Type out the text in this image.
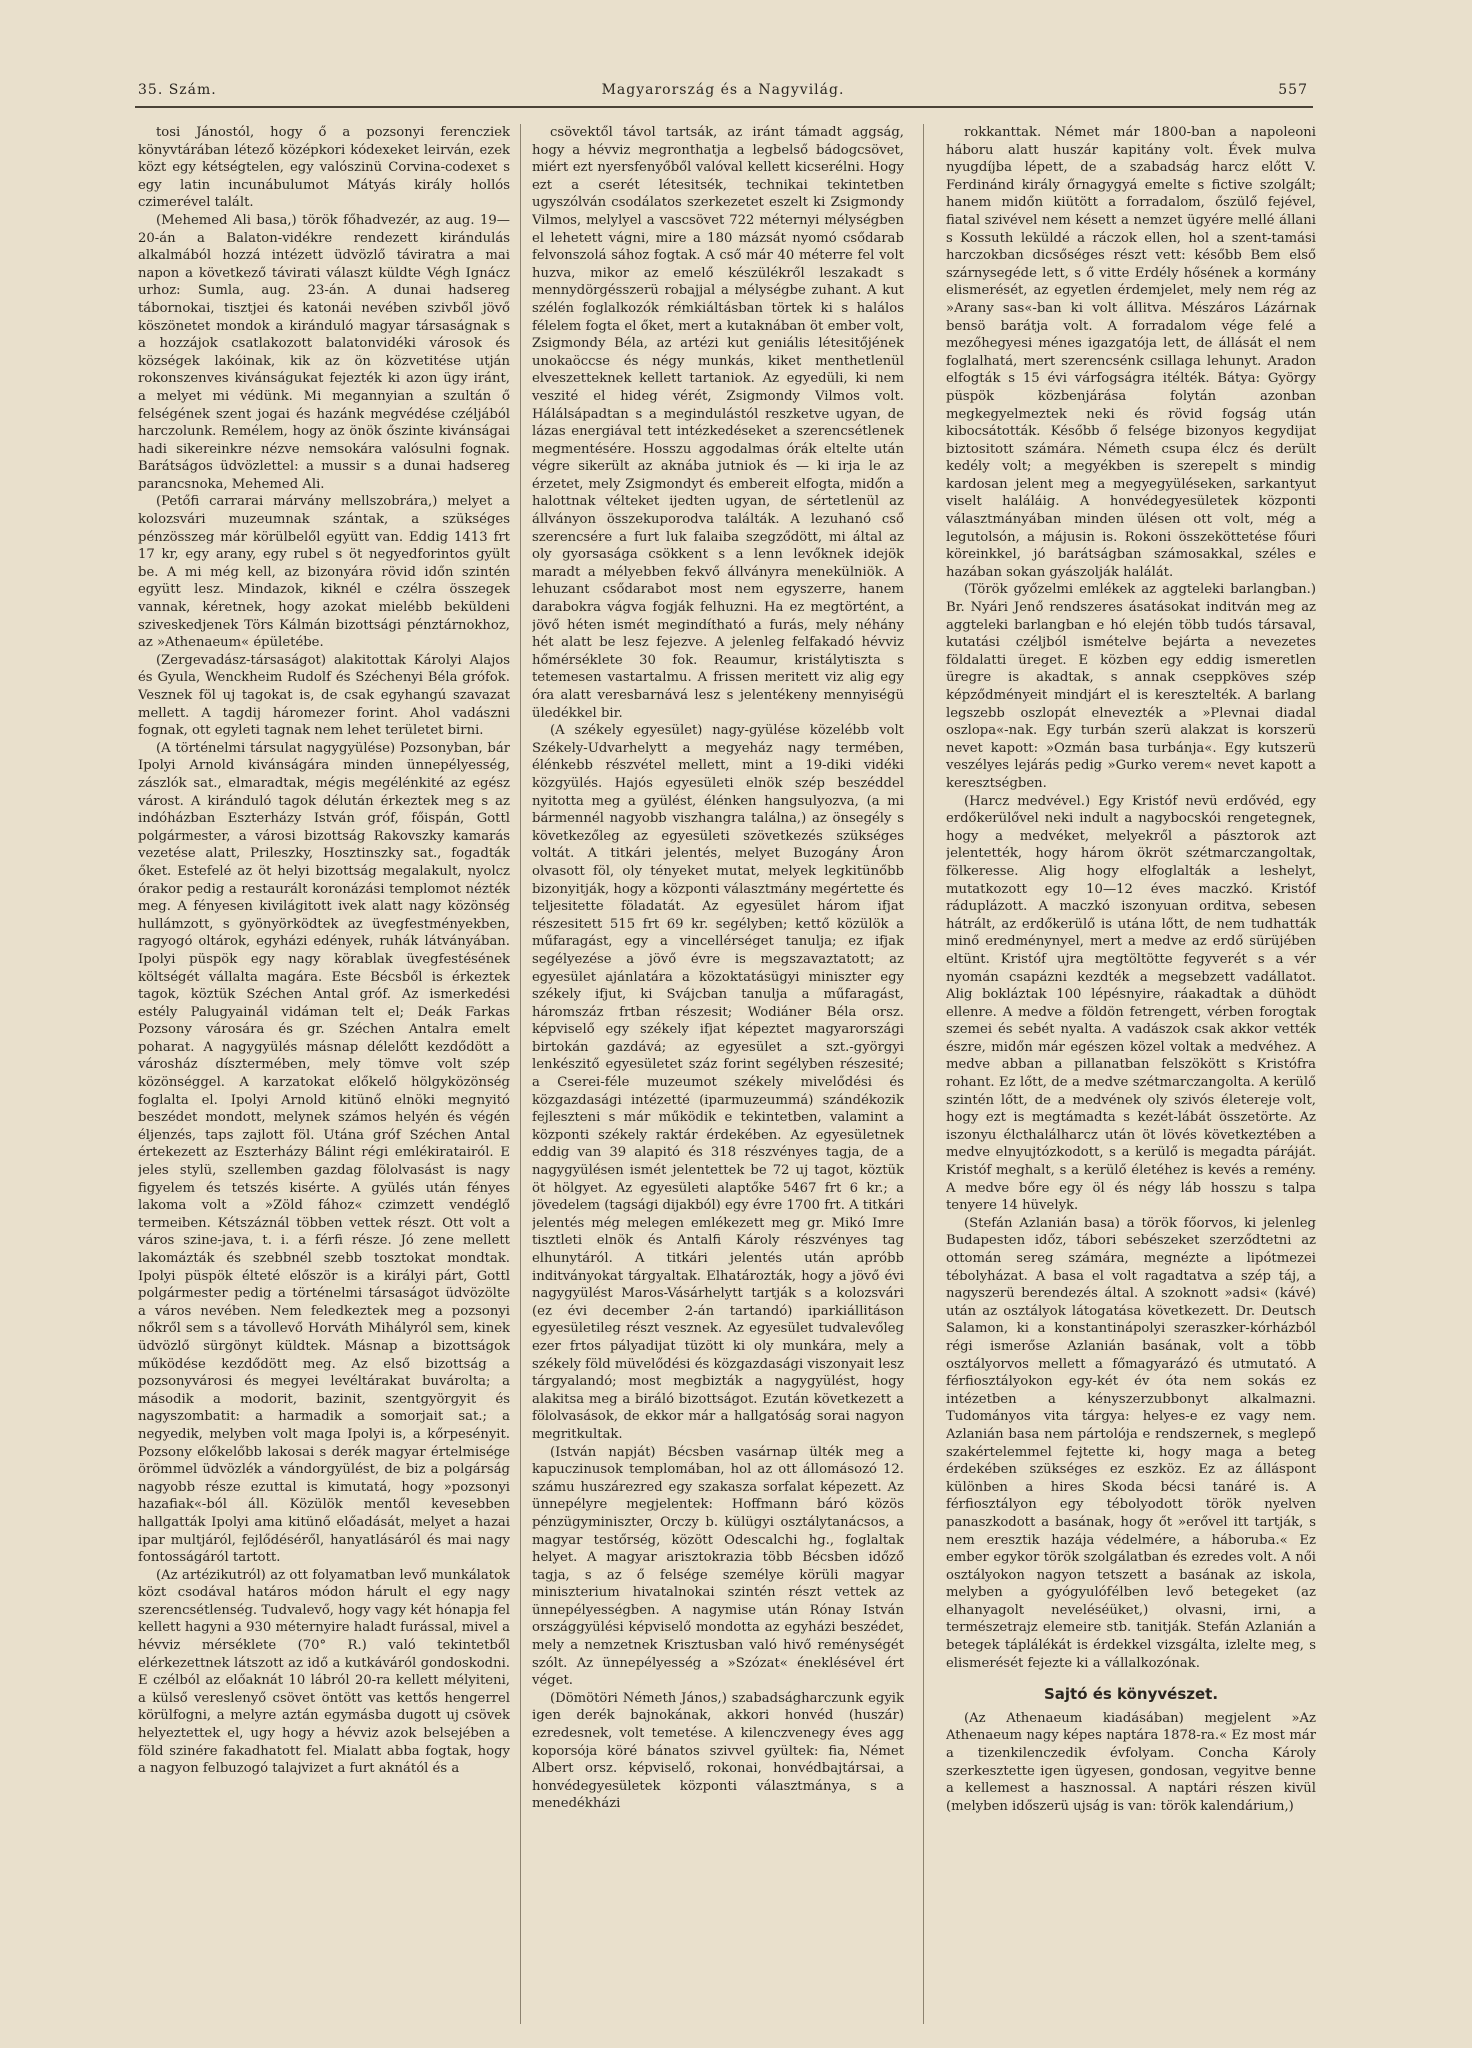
35. Szám.	Magyarország és a Nagyvilág.	557

tosi Jánostól, hogy ő a pozsonyi ferencziek könyvtárában létező középkori kódexeket leirván, ezek közt egy kétségtelen, egy valószinü Corvina-codexet s egy latin incunábulumot Mátyás király hollós czimerével talált.

(Mehemed Ali basa,) török főhadvezér, az aug. 19—20-án a Balaton-vidékre rendezett kirándulás alkalmából hozzá intézett üdvözlő táviratra a mai napon a következő távirati választ küldte Végh Ignácz urhoz: Sumla, aug. 23-án. A dunai hadsereg tábornokai, tisztjei és katonái nevében szivből jövő köszönetet mondok a kiránduló magyar társaságnak s a hozzájok csatlakozott balatonvidéki városok és községek lakóinak, kik az ön közvetitése utján rokonszenves kivánságukat fejezték ki azon ügy iránt, a melyet mi védünk. Mi megannyian a szultán ő felségének szent jogai és hazánk megvédése czéljából harczolunk. Remélem, hogy az önök őszinte kivánságai hadi sikereinkre nézve nemsokára valósulni fognak. Barátságos üdvözlettel: a mussir s a dunai hadsereg parancsnoka, Mehemed Ali.

(Petőfi carrarai márvány mellszobrára,) melyet a kolozsvári muzeumnak szántak, a szükséges pénzösszeg már körülbelől együtt van. Eddig 1413 frt 17 kr, egy arany, egy rubel s öt negyedforintos gyült be. A mi még kell, az bizonyára rövid időn szintén együtt lesz. Mindazok, kiknél e czélra összegek vannak, kéretnek, hogy azokat mielébb beküldeni sziveskedjenek Törs Kálmán bizottsági pénztárnokhoz, az »Athenaeum« épületébe.

(Zergevadász-társaságot) alakitottak Károlyi Alajos és Gyula, Wenckheim Rudolf és Széchenyi Béla grófok. Vesznek föl uj tagokat is, de csak egyhangú szavazat mellett. A tagdij háromezer forint. Ahol vadászni fognak, ott egyleti tagnak nem lehet területet birni.

(A történelmi társulat nagygyülése) Pozsonyban, bár Ipolyi Arnold kivánságára minden ünnepélyesség, zászlók sat., elmaradtak, mégis megélénkité az egész várost. A kiránduló tagok délután érkeztek meg s az indóházban Eszterházy István gróf, főispán, Gottl polgármester, a városi bizottság Rakovszky kamarás vezetése alatt, Prileszky, Hosztinszky sat., fogadták őket. Estefelé az öt helyi bizottság megalakult, nyolcz órakor pedig a restaurált koronázási templomot nézték meg. A fényesen kivilágitott ivek alatt nagy közönség hullámzott, s gyönyörködtek az üvegfestményekben, ragyogó oltárok, egyházi edények, ruhák látványában. Ipolyi püspök egy nagy körablak üvegfestésének költségét vállalta magára. Este Bécsből is érkeztek tagok, köztük Széchen Antal gróf. Az ismerkedési estély Palugyainál vidáman telt el; Deák Farkas Pozsony városára és gr. Széchen Antalra emelt poharat. A nagygyülés másnap délelőtt kezdődött a városház dísztermében, mely tömve volt szép közönséggel. A karzatokat előkelő hölgyközönség foglalta el. Ipolyi Arnold kitünő elnöki megnyitó beszédet mondott, melynek számos helyén és végén éljenzés, taps zajlott föl. Utána gróf Széchen Antal értekezett az Eszterházy Bálint régi emlékiratairól. E jeles stylü, szellemben gazdag fölolvasást is nagy figyelem és tetszés kisérte. A gyülés után fényes lakoma volt a »Zöld fához« czimzett vendéglő termeiben. Kétszáznál többen vettek részt. Ott volt a város szine-java, t. i. a férfi része. Jó zene mellett lakomázták és szebbnél szebb tosztokat mondtak. Ipolyi püspök élteté először is a királyi párt, Gottl polgármester pedig a történelmi társaságot üdvözölte a város nevében. Nem feledkeztek meg a pozsonyi nőkről sem s a távollevő Horváth Mihályról sem, kinek üdvözlő sürgönyt küldtek. Másnap a bizottságok működése kezdődött meg. Az első bizottság a pozsonyvárosi és megyei levéltárakat buvárolta; a második a modorit, bazinit, szentgyörgyit és nagyszombatit: a harmadik a somorjait sat.; a negyedik, melyben volt maga Ipolyi is, a kőrpesényit. Pozsony előkelőbb lakosai s derék magyar értelmisége örömmel üdvözlék a vándorgyülést, de biz a polgárság nagyobb része ezuttal is kimutatá, hogy »pozsonyi hazafiak«-ból áll. Közülök mentől kevesebben hallgatták Ipolyi ama kitünő előadását, melyet a hazai ipar multjáról, fejlődéséről, hanyatlásáról és mai nagy fontosságáról tartott.

(Az artézikutról) az ott folyamatban levő munkálatok közt csodával határos módon hárult el egy nagy szerencsétlenség. Tudvalevő, hogy vagy két hónapja fel kellett hagyni a 930 méternyire haladt furással, mivel a hévviz mérséklete (70° R.) való tekintetből elérkezettnek látszott az idő a kutkáváról gondoskodni. E czélból az előaknát 10 lábról 20-ra kellett mélyiteni, a külső vereslenyő csövet öntött vas kettős hengerrel körülfogni, a melyre aztán egymásba dugott uj csövek helyeztettek el, ugy hogy a hévviz azok belsejében a föld szinére fakadhatott fel. Mialatt abba fogtak, hogy a nagyon felbuzogó talajvizet a furt aknától és a

csövektől távol tartsák, az iránt támadt aggság, hogy a hévviz megronthatja a legbelső bádogcsövet, miért ezt nyersfenyőből valóval kellett kicserélni. Hogy ezt a cserét létesitsék, technikai tekintetben ugyszólván csodálatos szerkezetet eszelt ki Zsigmondy Vilmos, melylyel a vascsövet 722 méternyi mélységben el lehetett vágni, mire a 180 mázsát nyomó csődarab felvonszolá sához fogtak. A cső már 40 méterre fel volt huzva, mikor az emelő készülékről leszakadt s mennydörgésszerü robajjal a mélységbe zuhant. A kut szélén foglalkozók rémkiáltásban törtek ki s halálos félelem fogta el őket, mert a kutaknában öt ember volt, Zsigmondy Béla, az artézi kut geniális létesitőjének unokaöccse és négy munkás, kiket menthetlenül elveszetteknek kellett tartaniok. Az egyedüli, ki nem veszité el hideg vérét, Zsigmondy Vilmos volt. Hálálsápadtan s a megindulástól reszketve ugyan, de lázas energiával tett intézkedéseket a szerencsétlenek megmentésére. Hosszu aggodalmas órák eltelte után végre sikerült az aknába jutniok és — ki irja le az érzetet, mely Zsigmondyt és embereit elfogta, midőn a halottnak vélteket ijedten ugyan, de sértetlenül az állványon összekuporodva találták. A lezuhanó cső szerencsére a furt luk falaiba szegződött, mi által az oly gyorsasága csökkent s a lenn levőknek idejök maradt a mélyebben fekvő állványra menekülniök. A lehuzant csődarabot most nem egyszerre, hanem darabokra vágva fogják felhuzni. Ha ez megtörtént, a jövő héten ismét megindítható a furás, mely néhány hét alatt be lesz fejezve. A jelenleg felfakadó hévviz hőmérséklete 30 fok. Reaumur, kristálytiszta s tetemesen vastartalmu. A frissen meritett viz alig egy óra alatt veresbarnává lesz s jelentékeny mennyiségü üledékkel bir.

(A székely egyesület) nagy-gyülése közelébb volt Székely-Udvarhelytt a megyeház nagy termében, élénkebb részvétel mellett, mint a 19-diki vidéki közgyülés. Hajós egyesületi elnök szép beszéddel nyitotta meg a gyülést, élénken hangsulyozva, (a mi bármennél nagyobb viszhangra találna,) az önsegély s következőleg az egyesületi szövetkezés szükséges voltát. A titkári jelentés, melyet Buzogány Áron olvasott föl, oly tényeket mutat, melyek legkitünőbb bizonyitják, hogy a központi választmány megértette és teljesitette föladatát. Az egyesület három ifjat részesitett 515 frt 69 kr. segélyben; kettő közülök a műfaragást, egy a vincellérséget tanulja; ez ifjak segélyezése a jövő évre is megszavaztatott; az egyesület ajánlatára a közoktatásügyi miniszter egy székely ifjut, ki Svájcban tanulja a műfaragást, háromszáz frtban részesit; Wodiáner Béla orsz. képviselő egy székely ifjat képeztet magyarországi birtokán gazdává; az egyesület a szt.-györgyi lenkészitő egyesületet száz forint segélyben részesité; a Cserei-féle muzeumot székely mivelődési és közgazdasági intézetté (iparmuzeummá) szándékozik fejleszteni s már működik e tekintetben, valamint a központi székely raktár érdekében. Az egyesületnek eddig van 39 alapitó és 318 részvényes tagja, de a nagygyülésen ismét jelentettek be 72 uj tagot, köztük öt hölgyet. Az egyesületi alaptőke 5467 frt 6 kr.; a jövedelem (tagsági dijakból) egy évre 1700 frt. A titkári jelentés még melegen emlékezett meg gr. Mikó Imre tisztleti elnök és Antalfi Károly részvényes tag elhunytáról. A titkári jelentés után apróbb inditványokat tárgyaltak. Elhatározták, hogy a jövő évi nagygyülést Maros-Vásárhelytt tartják s a kolozsvári (ez évi december 2-án tartandó) iparkiállitáson egyesületileg részt vesznek. Az egyesület tudvalevőleg ezer frtos pályadijat tüzött ki oly munkára, mely a székely föld müvelődési és közgazdasági viszonyait lesz tárgyalandó; most megbizták a nagygyülést, hogy alakitsa meg a biráló bizottságot. Ezután következett a fölolvasások, de ekkor már a hallgatóság sorai nagyon megritkultak.

(István napját) Bécsben vasárnap ülték meg a kapuczinusok templomában, hol az ott állomásozó 12. számu huszárezred egy szakasza sorfalat képezett. Az ünnepélyre megjelentek: Hoffmann báró közös pénzügyminiszter, Orczy b. külügyi osztálytanácsos, a magyar testőrség, között Odescalchi hg., foglaltak helyet. A magyar arisztokrazia több Bécsben időző tagja, s az ő felsége személye körüli magyar miniszterium hivatalnokai szintén részt vettek az ünnepélyességben. A nagymise után Rónay István országgyülési képviselő mondotta az egyházi beszédet, mely a nemzetnek Krisztusban való hivő reménységét szólt. Az ünnepélyesség a »Szózat« éneklésével ért véget.

(Dömötöri Németh János,) szabadságharczunk egyik igen derék bajnokának, akkori honvéd (huszár) ezredesnek, volt temetése. A kilenczvenegy éves agg koporsója köré bánatos szivvel gyültek: fia, Német Albert orsz. képviselő, rokonai, honvédbajtársai, a honvédegyesületek központi választmánya, s a menedékházi

rokkanttak. Német már 1800-ban a napoleoni háboru alatt huszár kapitány volt. Évek mulva nyugdíjba lépett, de a szabadság harcz előtt V. Ferdinánd király őrnagygyá emelte s fictive szolgált; hanem midőn kiütött a forradalom, őszülő fejével, fiatal szivével nem késett a nemzet ügyére mellé állani s Kossuth leküldé a ráczok ellen, hol a szent-tamási harczokban dicsőséges részt vett: később Bem első szárnysegéde lett, s ő vitte Erdély hősének a kormány elismerését, az egyetlen érdemjelet, mely nem rég az »Arany sas«-ban ki volt állitva. Mészáros Lázárnak bensö barátja volt. A forradalom vége felé a mezőhegyesi ménes igazgatója lett, de állását el nem foglalhatá, mert szerencsénk csillaga lehunyt. Aradon elfogták s 15 évi várfogságra itélték. Bátya: György püspök közbenjárása folytán azonban megkegyelmeztek neki és rövid fogság után kibocsátották. Később ő felsége bizonyos kegydijat biztositott számára. Németh csupa élcz és derült kedély volt; a megyékben is szerepelt s mindig kardosan jelent meg a megyegyüléseken, sarkantyut viselt haláláig. A honvédegyesületek központi választmányában minden ülésen ott volt, még a legutolsón, a májusin is. Rokoni összeköttetése főuri köreinkkel, jó barátságban számosakkal, széles e hazában sokan gyászolják halálát.

(Török győzelmi emlékek az aggteleki barlangban.) Br. Nyári Jenő rendszeres ásatásokat inditván meg az aggteleki barlangban e hó elején több tudós társaval, kutatási czéljból ismételve bejárta a nevezetes földalatti üreget. E közben egy eddig ismeretlen üregre is akadtak, s annak cseppköves szép képződményeit mindjárt el is keresztelték. A barlang legszebb oszlopát elnevezték a »Plevnai diadal oszlopa«-nak. Egy turbán szerü alakzat is korszerü nevet kapott: »Ozmán basa turbánja«. Egy kutszerü veszélyes lejárás pedig »Gurko verem« nevet kapott a keresztségben.

(Harcz medvével.) Egy Kristóf nevü erdővéd, egy erdőkerülővel neki indult a nagybocskói rengetegnek, hogy a medvéket, melyekről a pásztorok azt jelentették, hogy három ökröt szétmarczangoltak, fölkeresse. Alig hogy elfoglalták a leshelyt, mutatkozott egy 10—12 éves maczkó. Kristóf ráduplázott. A maczkó iszonyuan orditva, sebesen hátrált, az erdőkerülő is utána lőtt, de nem tudhatták minő eredménynyel, mert a medve az erdő sürüjében eltünt. Kristóf ujra megtöltötte fegyverét s a vér nyomán csapázni kezdték a megsebzett vadállatot. Alig bokláztak 100 lépésnyire, ráakadtak a dühödt ellenre. A medve a földön fetrengett, vérben forogtak szemei és sebét nyalta. A vadászok csak akkor vették észre, midőn már egészen közel voltak a medvéhez. A medve abban a pillanatban felszökött s Kristófra rohant. Ez lőtt, de a medve szétmarczangolta. A kerülő szintén lőtt, de a medvének oly szivós életereje volt, hogy ezt is megtámadta s kezét-lábát összetörte. Az iszonyu élcthalálharcz után öt lövés következtében a medve elnyujtózkodott, s a kerülő is megadta páráját. Kristóf meghalt, s a kerülő életéhez is kevés a remény. A medve bőre egy öl és négy láb hosszu s talpa tenyere 14 hüvelyk.

(Stefán Azlanián basa) a török főorvos, ki jelenleg Budapesten időz, tábori sebészeket szerződtetni az ottomán sereg számára, megnézte a lipótmezei tébolyházat. A basa el volt ragadtatva a szép táj, a nagyszerü berendezés által. A szoknott »adsi« (kávé) után az osztályok látogatása következett. Dr. Deutsch Salamon, ki a konstantinápolyi szeraszker-kórházból régi ismerőse Azlanián basának, volt a több osztályorvos mellett a főmagyarázó és utmutató. A férfiosztályokon egy-két év óta nem sokás ez intézetben a kényszerzubbonyt alkalmazni. Tudományos vita tárgya: helyes-e ez vagy nem. Azlanián basa nem pártolója e rendszernek, s meglepő szakértelemmel fejtette ki, hogy maga a beteg érdekében szükséges ez eszköz. Ez az álláspont különben a hires Skoda bécsi tanáré is. A férfiosztályon egy tébolyodott török nyelven panaszkodott a basának, hogy őt »erővel itt tartják, s nem eresztik hazája védelmére, a háboruba.« Ez ember egykor török szolgálatban és ezredes volt. A női osztályokon nagyon tetszett a basának az iskola, melyben a gyógyulófélben levő betegeket (az elhanyagolt neveléséüket,) olvasni, irni, a természetrajz elemeire stb. tanitják. Stefán Azlanián a betegek táplálékát is érdekkel vizsgálta, izlelte meg, s elismerését fejezte ki a vállalkozónak.

Sajtó és könyvészet.

(Az Athenaeum kiadásában) megjelent »Az Athenaeum nagy képes naptára 1878-ra.« Ez most már a tizenkilenczedik évfolyam. Concha Károly szerkesztette igen ügyesen, gondosan, vegyitve benne a kellemest a hasznossal. A naptári részen kivül (melyben időszerü ujság is van: török kalendárium,)
